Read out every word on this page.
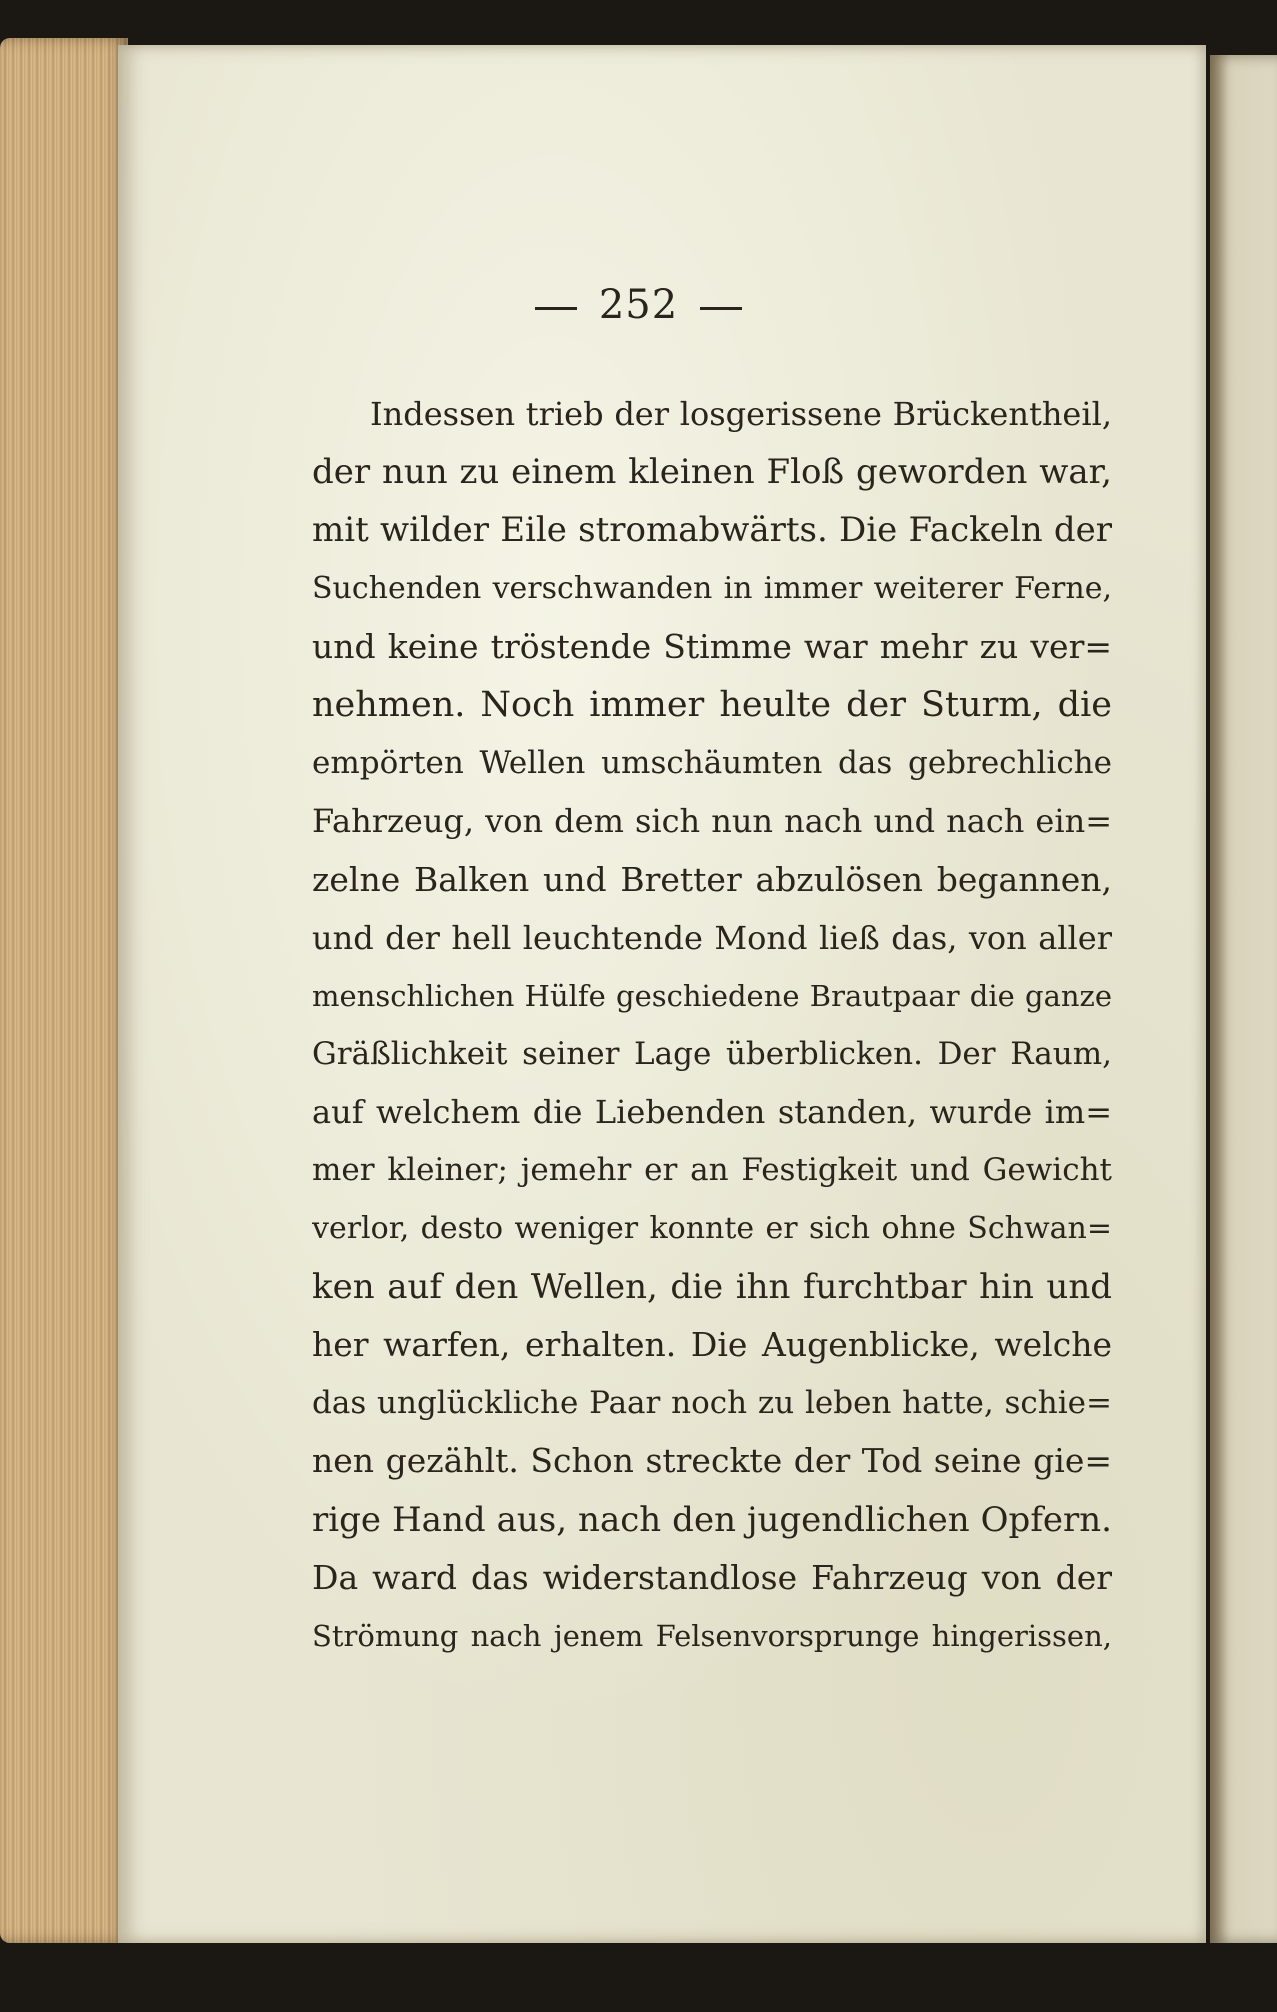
252
Indessen trieb der losgerissene Brückentheil,
der nun zu einem kleinen Floß geworden war,
mit wilder Eile stromabwärts. Die Fackeln der
Suchenden verschwanden in immer weiterer Ferne,
und keine tröstende Stimme war mehr zu ver=
nehmen. Noch immer heulte der Sturm, die
empörten Wellen umschäumten das gebrechliche
Fahrzeug, von dem sich nun nach und nach ein=
zelne Balken und Bretter abzulösen begannen,
und der hell leuchtende Mond ließ das, von aller
menschlichen Hülfe geschiedene Brautpaar die ganze
Gräßlichkeit seiner Lage überblicken. Der Raum,
auf welchem die Liebenden standen, wurde im=
mer kleiner; jemehr er an Festigkeit und Gewicht
verlor, desto weniger konnte er sich ohne Schwan=
ken auf den Wellen, die ihn furchtbar hin und
her warfen, erhalten. Die Augenblicke, welche
das unglückliche Paar noch zu leben hatte, schie=
nen gezählt. Schon streckte der Tod seine gie=
rige Hand aus, nach den jugendlichen Opfern.
Da ward das widerstandlose Fahrzeug von der
Strömung nach jenem Felsenvorsprunge hingerissen,
